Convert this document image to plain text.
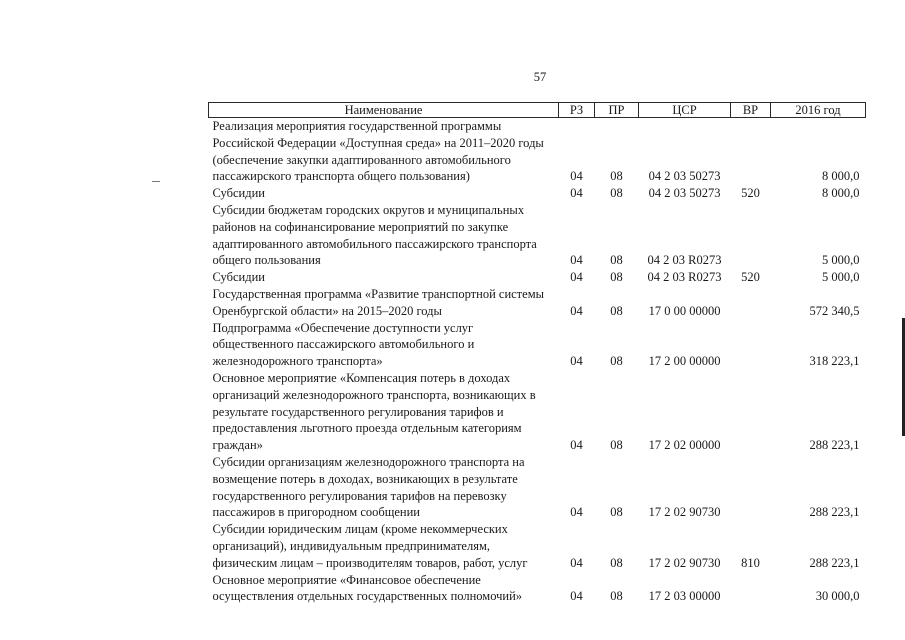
57
Наименование	РЗ	ПР	ЦСР	ВР	2016 год
Реализация мероприятия государственной программы Российской Федерации «Доступная среда» на 2011–2020 годы (обеспечение закупки адаптированного автомобильного пассажирского транспорта общего пользования)	04	08	04 2 03 50273		8 000,0
Субсидии	04	08	04 2 03 50273	520	8 000,0
Субсидии бюджетам городских округов и муниципальных районов на софинансирование мероприятий по закупке адаптированного автомобильного пассажирского транспорта общего пользования	04	08	04 2 03 R0273		5 000,0
Субсидии	04	08	04 2 03 R0273	520	5 000,0
Государственная программа «Развитие транспортной системы Оренбургской области» на 2015–2020 годы	04	08	17 0 00 00000		572 340,5
Подпрограмма «Обеспечение доступности услуг общественного пассажирского автомобильного и железнодорожного транспорта»	04	08	17 2 00 00000		318 223,1
Основное мероприятие «Компенсация потерь в доходах организаций железнодорожного транспорта, возникающих в результате государственного регулирования тарифов и предоставления льготного проезда отдельным категориям граждан»	04	08	17 2 02 00000		288 223,1
Субсидии организациям железнодорожного транспорта на возмещение потерь в доходах, возникающих в результате государственного регулирования тарифов на перевозку пассажиров в пригородном сообщении	04	08	17 2 02 90730		288 223,1
Субсидии юридическим лицам (кроме некоммерческих организаций), индивидуальным предпринимателям, физическим лицам – производителям товаров, работ, услуг	04	08	17 2 02 90730	810	288 223,1
Основное мероприятие «Финансовое обеспечение осуществления отдельных государственных полномочий»	04	08	17 2 03 00000		30 000,0
